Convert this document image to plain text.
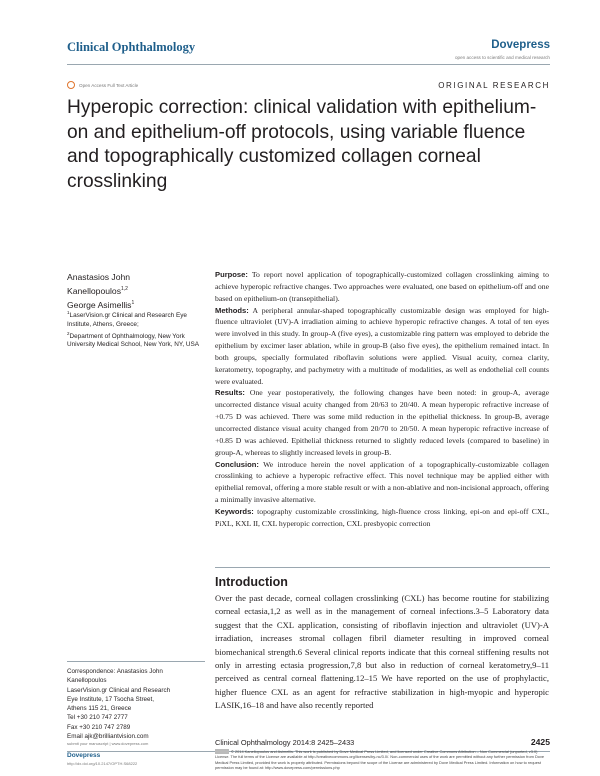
Clinical Ophthalmology	Dovepress
open access to scientific and medical research
Open Access Full Text Article	ORIGINAL RESEARCH
Hyperopic correction: clinical validation with epithelium-on and epithelium-off protocols, using variable fluence and topographically customized collagen corneal crosslinking
Anastasios John
Kanellopoulos$^{1,2}$
George Asimellis$^1$
$^1$LaserVision.gr Clinical and Research Eye Institute, Athens, Greece;
$^2$Department of Ophthalmology, New York University Medical School, New York, NY, USA

Purpose: To report novel application of topographically-customized collagen crosslinking aiming to achieve hyperopic refractive changes. Two approaches were evaluated, one based on epithelium-off and one based on epithelium-on (transepithelial).

Methods: A peripheral annular-shaped topographically customizable design was employed for high-fluence ultraviolet (UV)-A irradiation aiming to achieve hyperopic refractive changes. A total of ten eyes were involved in this study. In group-A (five eyes), a customizable ring pattern was employed to debride the epithelium by excimer laser ablation, while in group-B (also five eyes), the epithelium remained intact. In both groups, specially formulated riboflavin solutions were applied. Visual acuity, cornea clarity, keratometry, topography, and pachymetry with a multitude of modalities, as well as endothelial cell counts were evaluated.

Results: One year postoperatively, the following changes have been noted: in group-A, average uncorrected distance visual acuity changed from 20/63 to 20/40. A mean hyperopic refractive increase of +0.75 D was achieved. There was some mild reduction in the epithelial thickness. In group-B, average uncorrected distance visual acuity changed from 20/70 to 20/50. A mean hyperopic refractive increase of +0.85 D was achieved. Epithelial thickness returned to slightly reduced levels (compared to baseline) in group-A, whereas to slightly increased levels in group-B.

Conclusion: We introduce herein the novel application of a topographically-customizable collagen crosslinking to achieve a hyperopic refractive effect. This novel technique may be applied either with epithelial removal, offering a more stable result or with a non-ablative and non-incisional approach, offering a minimally invasive alternative.

Keywords: topography customizable crosslinking, high-fluence cross linking, epi-on and epi-off CXL, PiXL, KXL II, CXL hyperopic correction, CXL presbyopic correction

Introduction
Over the past decade, corneal collagen crosslinking (CXL) has become routine for stabilizing corneal ectasia,1,2 as well as in the management of corneal infections.3–5 Laboratory data suggest that the CXL application, consisting of riboflavin injection and ultraviolet (UV)-A irradiation, increases stromal collagen fibril diameter resulting in improved corneal biomechanical strength.6 Several clinical reports indicate that this corneal stiffening results not only in arresting ectasia progression,7,8 but also in reduction of corneal keratometry,9–11 perceived as central corneal flattening.12–15 We have reported on the use of prophylactic, higher fluence CXL as an agent for refractive stabilization in high-myopic and hyperopic LASIK,16–18 and have also recently reported
Correspondence: Anastasios John
Kanellopoulos
LaserVision.gr Clinical and Research
Eye Institute, 17 Tsocha Street,
Athens 115 21, Greece
Tel +30 210 747 2777
Fax +30 210 747 2789
Email ajk@brilliantvision.com
submit your manuscript | www.dovepress.com
Dovepress
http://dx.doi.org/10.2147/OPTH.S68222
Clinical Ophthalmology 2014:8 2425–2433	2425
© 2014 Kanellopoulos and Asimellis. This work is published by Dove Medical Press Limited, and licensed under Creative Commons Attribution – Non Commercial (unported, v3.0) License. The full terms of the License are available at http://creativecommons.org/licenses/by-nc/3.0/. Non-commercial uses of the work are permitted without any further permission from Dove Medical Press Limited, provided the work is properly attributed. Permissions beyond the scope of the License are administered by Dove Medical Press Limited. Information on how to request permission may be found at: http://www.dovepress.com/permissions.php
